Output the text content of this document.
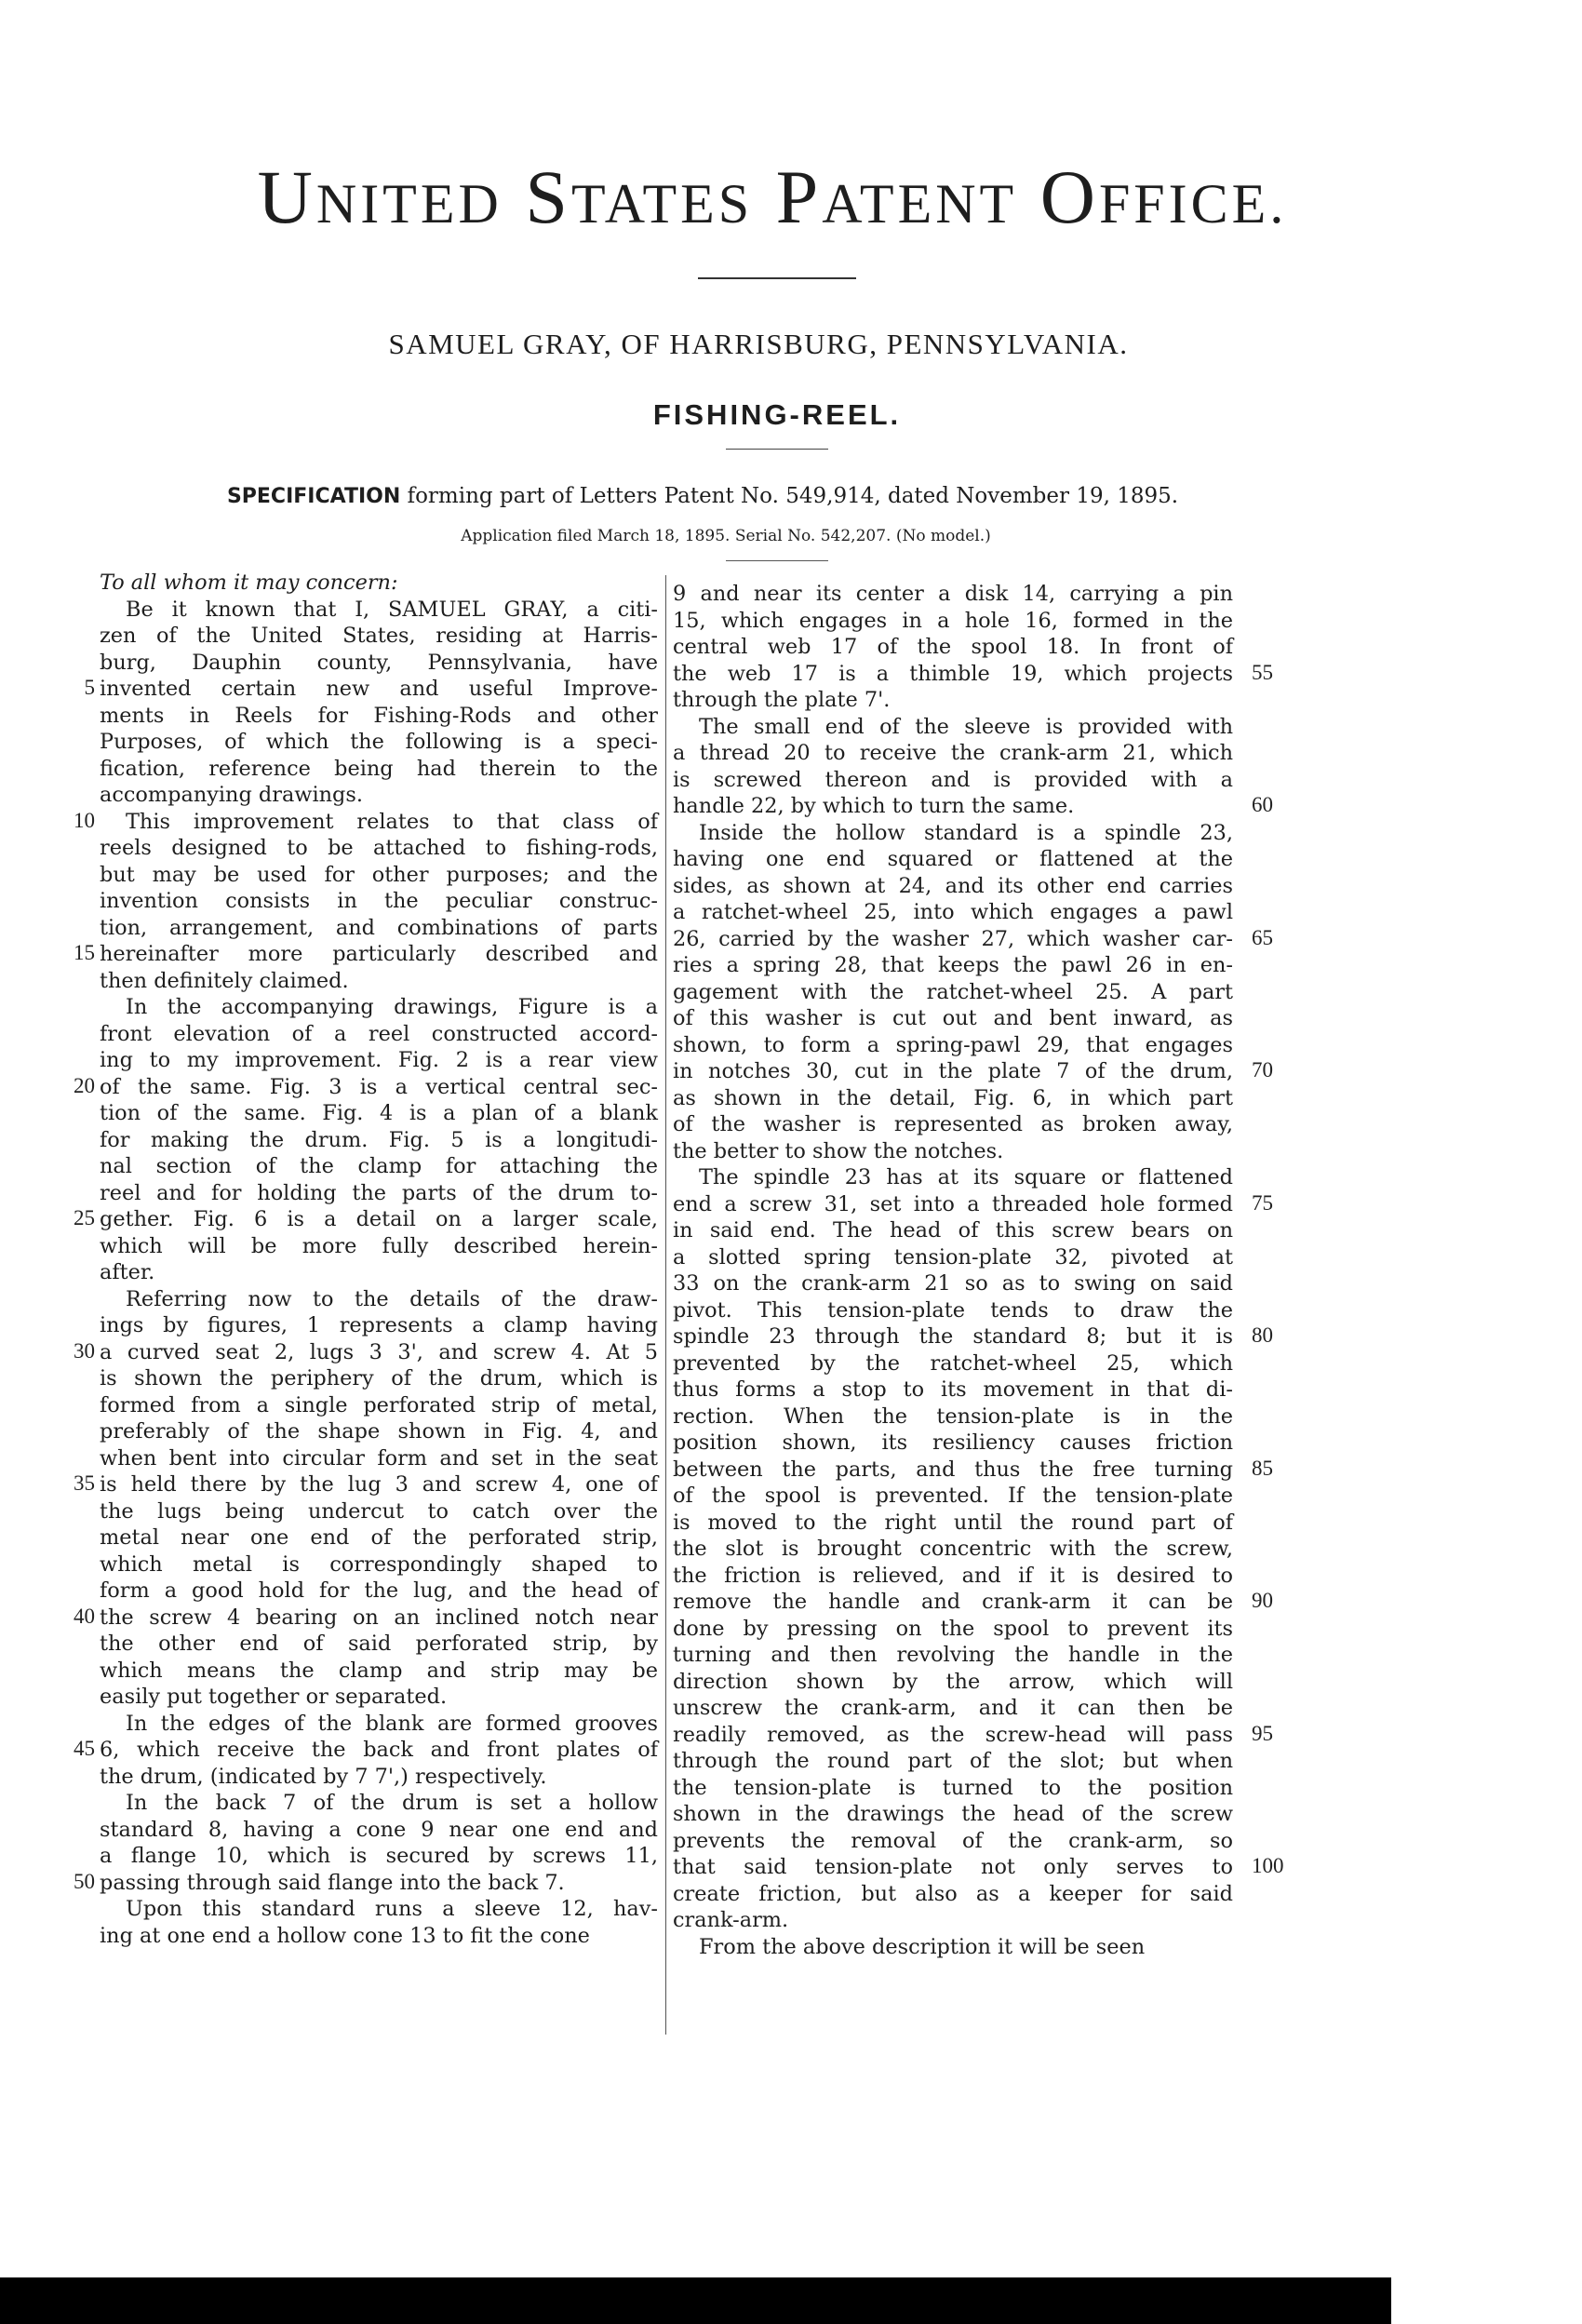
UNITED STATES PATENT OFFICE.
SAMUEL GRAY, OF HARRISBURG, PENNSYLVANIA.
FISHING-REEL.
SPECIFICATION forming part of Letters Patent No. 549,914, dated November 19, 1895.
Application filed March 18, 1895. Serial No. 542,207. (No model.)
To all whom it may concern:
Be it known that I, SAMUEL GRAY, a citi-
zen of the United States, residing at Harris-
burg, Dauphin county, Pennsylvania, have
invented certain new and useful Improve-
ments in Reels for Fishing-Rods and other
Purposes, of which the following is a speci-
fication, reference being had therein to the
accompanying drawings.
This improvement relates to that class of
reels designed to be attached to fishing-rods,
but may be used for other purposes; and the
invention consists in the peculiar construc-
tion, arrangement, and combinations of parts
hereinafter more particularly described and
then definitely claimed.
In the accompanying drawings, Figure is a
front elevation of a reel constructed accord-
ing to my improvement. Fig. 2 is a rear view
of the same. Fig. 3 is a vertical central sec-
tion of the same. Fig. 4 is a plan of a blank
for making the drum. Fig. 5 is a longitudi-
nal section of the clamp for attaching the
reel and for holding the parts of the drum to-
gether. Fig. 6 is a detail on a larger scale,
which will be more fully described herein-
after.
Referring now to the details of the draw-
ings by figures, 1 represents a clamp having
a curved seat 2, lugs 3 3', and screw 4. At 5
is shown the periphery of the drum, which is
formed from a single perforated strip of metal,
preferably of the shape shown in Fig. 4, and
when bent into circular form and set in the seat
is held there by the lug 3 and screw 4, one of
the lugs being undercut to catch over the
metal near one end of the perforated strip,
which metal is correspondingly shaped to
form a good hold for the lug, and the head of
the screw 4 bearing on an inclined notch near
the other end of said perforated strip, by
which means the clamp and strip may be
easily put together or separated.
In the edges of the blank are formed grooves
6, which receive the back and front plates of
the drum, (indicated by 7 7',) respectively.
In the back 7 of the drum is set a hollow
standard 8, having a cone 9 near one end and
a flange 10, which is secured by screws 11,
passing through said flange into the back 7.
Upon this standard runs a sleeve 12, hav-
ing at one end a hollow cone 13 to fit the cone
9 and near its center a disk 14, carrying a pin
15, which engages in a hole 16, formed in the
central web 17 of the spool 18. In front of
the web 17 is a thimble 19, which projects
through the plate 7'.
The small end of the sleeve is provided with
a thread 20 to receive the crank-arm 21, which
is screwed thereon and is provided with a
handle 22, by which to turn the same.
Inside the hollow standard is a spindle 23,
having one end squared or flattened at the
sides, as shown at 24, and its other end carries
a ratchet-wheel 25, into which engages a pawl
26, carried by the washer 27, which washer car-
ries a spring 28, that keeps the pawl 26 in en-
gagement with the ratchet-wheel 25. A part
of this washer is cut out and bent inward, as
shown, to form a spring-pawl 29, that engages
in notches 30, cut in the plate 7 of the drum,
as shown in the detail, Fig. 6, in which part
of the washer is represented as broken away,
the better to show the notches.
The spindle 23 has at its square or flattened
end a screw 31, set into a threaded hole formed
in said end. The head of this screw bears on
a slotted spring tension-plate 32, pivoted at
33 on the crank-arm 21 so as to swing on said
pivot. This tension-plate tends to draw the
spindle 23 through the standard 8; but it is
prevented by the ratchet-wheel 25, which
thus forms a stop to its movement in that di-
rection. When the tension-plate is in the
position shown, its resiliency causes friction
between the parts, and thus the free turning
of the spool is prevented. If the tension-plate
is moved to the right until the round part of
the slot is brought concentric with the screw,
the friction is relieved, and if it is desired to
remove the handle and crank-arm it can be
done by pressing on the spool to prevent its
turning and then revolving the handle in the
direction shown by the arrow, which will
unscrew the crank-arm, and it can then be
readily removed, as the screw-head will pass
through the round part of the slot; but when
the tension-plate is turned to the position
shown in the drawings the head of the screw
prevents the removal of the crank-arm, so
that said tension-plate not only serves to
create friction, but also as a keeper for said
crank-arm.
From the above description it will be seen
5
10
15
20
25
30
35
40
45
50
55
60
65
70
75
80
85
90
95
100
